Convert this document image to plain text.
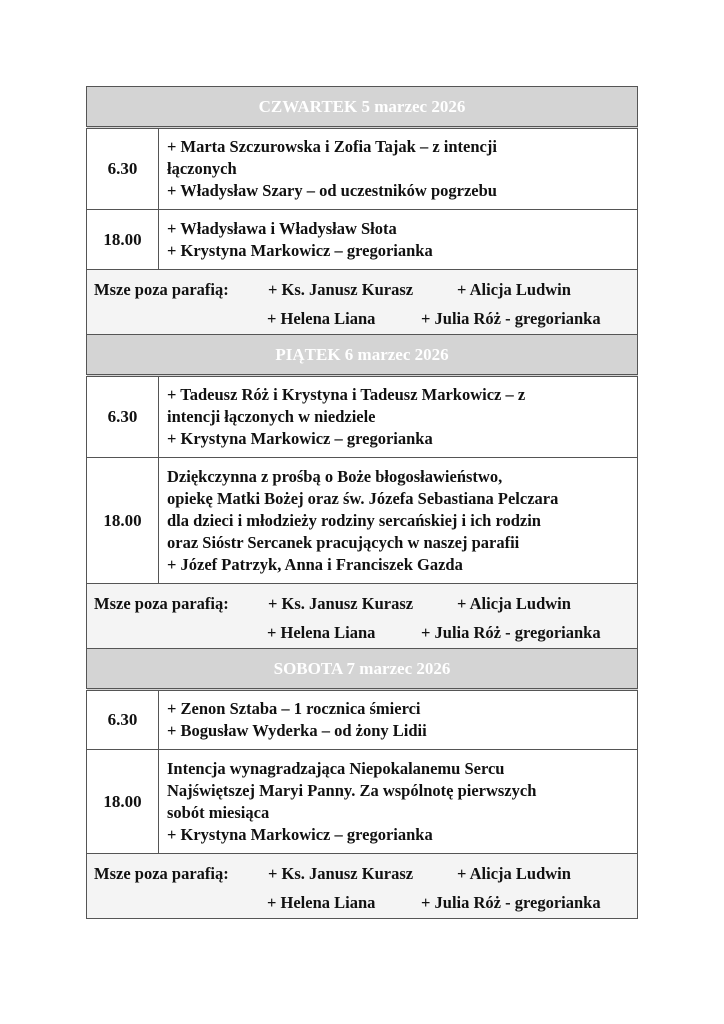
CZWARTEK 5 marzec 2026	
6.30	+ Marta Szczurowska i Zofia Tajak – z intencji
łączonych
+ Władysław Szary – od uczestników pogrzebu

18.00	+ Władysława i Władysław Słota
+ Krystyna Markowicz – gregorianka

Msze poza parafią: + Ks. Janusz Kurasz + Alicja Ludwin
+ Helena Liana + Julia Róż - gregorianka	

PIĄTEK 6 marzec 2026	
6.30	+ Tadeusz Róż i Krystyna i Tadeusz Markowicz – z
intencji łączonych w niedziele
+ Krystyna Markowicz – gregorianka

18.00	Dziękczynna z prośbą o Boże błogosławieństwo,
opiekę Matki Bożej oraz św. Józefa Sebastiana Pelczara
dla dzieci i młodzieży rodziny sercańskiej i ich rodzin
oraz Sióstr Sercanek pracujących w naszej parafii
+ Józef Patrzyk, Anna i Franciszek Gazda

Msze poza parafią: + Ks. Janusz Kurasz + Alicja Ludwin
+ Helena Liana + Julia Róż - gregorianka	

SOBOTA 7 marzec 2026	
6.30	+ Zenon Sztaba – 1 rocznica śmierci
+ Bogusław Wyderka – od żony Lidii

18.00	Intencja wynagradzająca Niepokalanemu Sercu
Najświętszej Maryi Panny. Za wspólnotę pierwszych
sobót miesiąca
+ Krystyna Markowicz – gregorianka

Msze poza parafią: + Ks. Janusz Kurasz + Alicja Ludwin
+ Helena Liana + Julia Róż - gregorianka	
